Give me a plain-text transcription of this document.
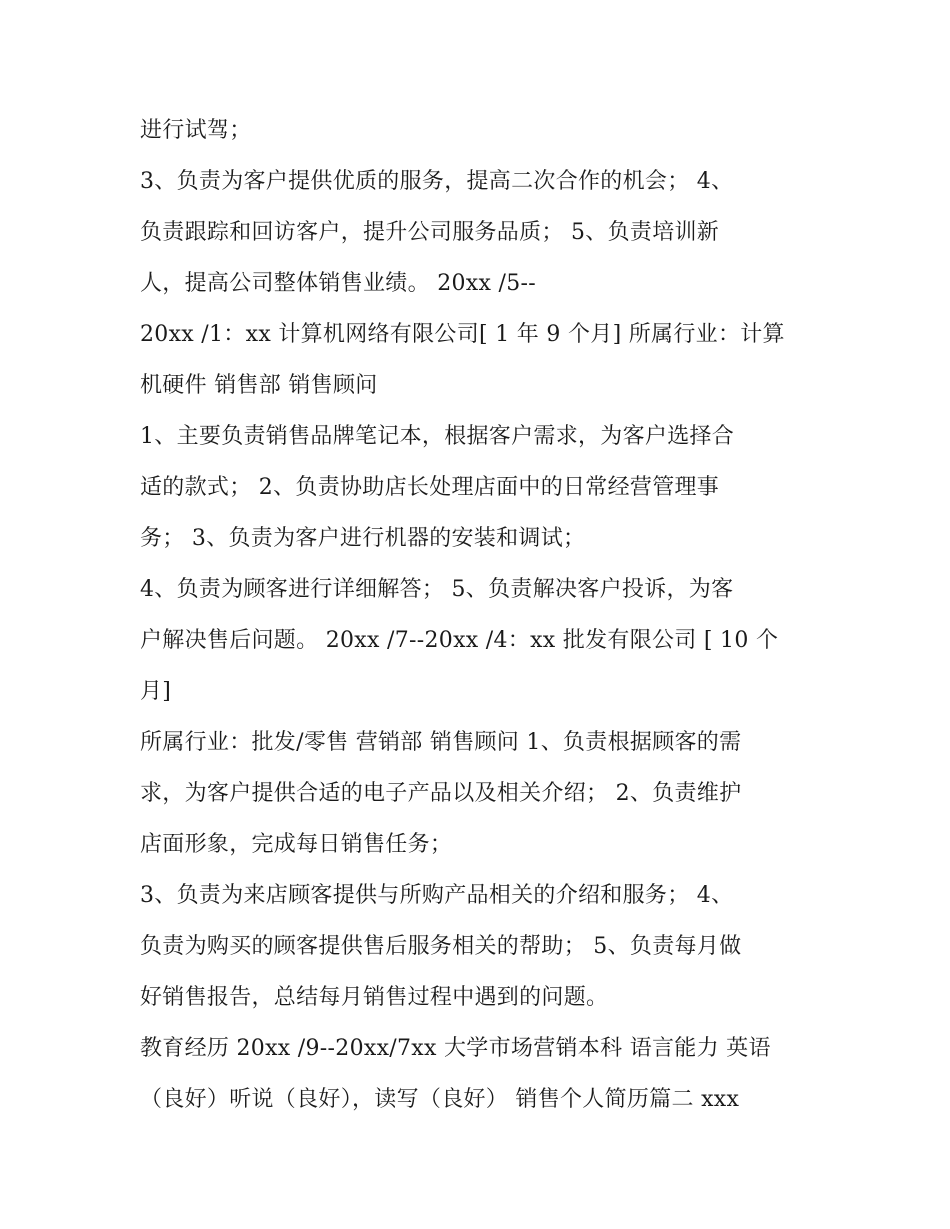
进行试驾；
3、负责为客户提供优质的服务，提高二次合作的机会； 4、
负责跟踪和回访客户，提升公司服务品质； 5、负责培训新
人，提高公司整体销售业绩。 20xx /5--
20xx /1：xx 计算机网络有限公司[ 1 年 9 个月] 所属行业：计算
机硬件 销售部 销售顾问
1、主要负责销售品牌笔记本，根据客户需求，为客户选择合
适的款式； 2、负责协助店长处理店面中的日常经营管理事
务； 3、负责为客户进行机器的安装和调试；
4、负责为顾客进行详细解答； 5、负责解决客户投诉，为客
户解决售后问题。 20xx /7--20xx /4：xx 批发有限公司 [ 10 个
月]
所属行业：批发/零售 营销部 销售顾问 1、负责根据顾客的需
求，为客户提供合适的电子产品以及相关介绍； 2、负责维护
店面形象，完成每日销售任务；
3、负责为来店顾客提供与所购产品相关的介绍和服务； 4、
负责为购买的顾客提供售后服务相关的帮助； 5、负责每月做
好销售报告，总结每月销售过程中遇到的问题。
教育经历 20xx /9--20xx/7xx 大学市场营销本科 语言能力 英语
（良好）听说（良好），读写（良好） 销售个人简历篇二 xxx
